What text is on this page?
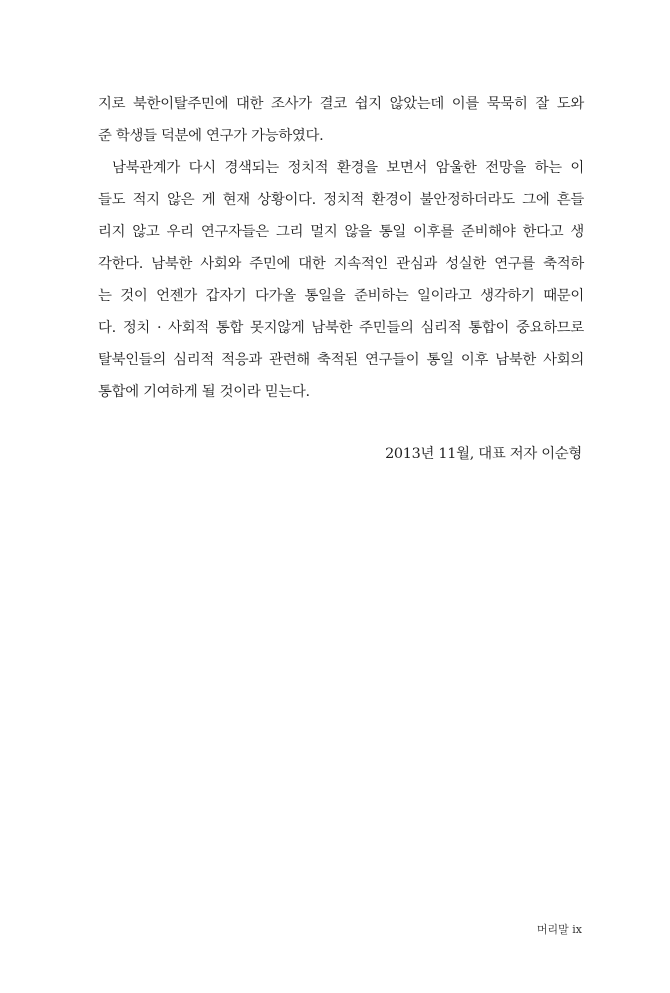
지로 북한이탈주민에 대한 조사가 결코 쉽지 않았는데 이를 묵묵히 잘 도와
준 학생들 덕분에 연구가 가능하였다.
남북관계가 다시 경색되는 정치적 환경을 보면서 암울한 전망을 하는 이
들도 적지 않은 게 현재 상황이다. 정치적 환경이 불안정하더라도 그에 흔들
리지 않고 우리 연구자들은 그리 멀지 않을 통일 이후를 준비해야 한다고 생
각한다. 남북한 사회와 주민에 대한 지속적인 관심과 성실한 연구를 축적하
는 것이 언젠가 갑자기 다가올 통일을 준비하는 일이라고 생각하기 때문이
다. 정치 · 사회적 통합 못지않게 남북한 주민들의 심리적 통합이 중요하므로
탈북인들의 심리적 적응과 관련해 축적된 연구들이 통일 이후 남북한 사회의
통합에 기여하게 될 것이라 믿는다.
2013년 11월, 대표 저자 이순형
머리말 ix
